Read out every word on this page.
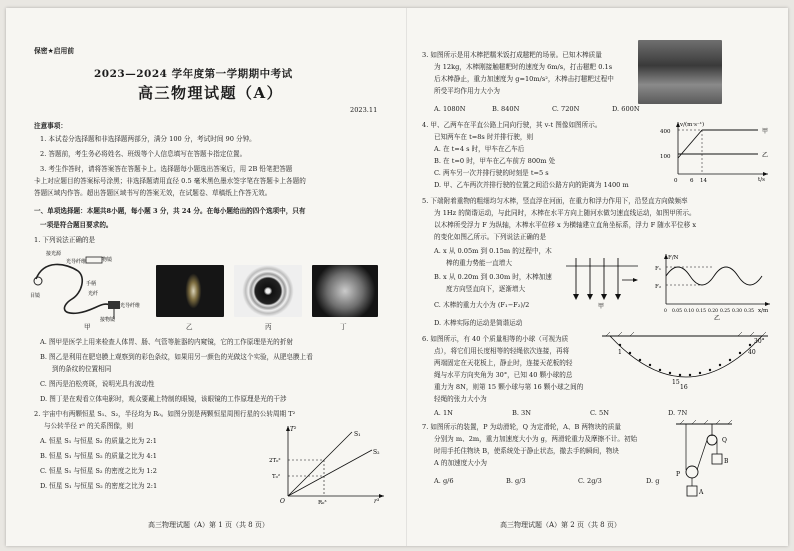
保密★启用前
2023—2024 学年度第一学期期中考试
高三物理试题（A）
2023.11
注意事项：
1. 本试卷分选择题和非选择题两部分，满分 100 分，考试时间 90 分钟。
2. 答题前，考生务必将姓名、班级等个人信息填写在答题卡指定位置。
3. 考生作答时，请将答案答在答题卡上。选择题每小题选出答案后，用 2B 铅笔把答题
卡上对应题目的答案标号涂黑；非选择题请用直径 0.5 毫米黑色墨水签字笔在答题卡上各题的
答题区域内作答。超出答题区域书写的答案无效，在试题卷、草稿纸上作答无效。
一、单项选择题：本题共8小题，每小题 3 分，共 24 分。在每小题给出的四个选项中，只有
一项是符合题目要求的。
1. 下列说法正确的是
接光源
光导纤维	物镜
目镜
手柄
光纤
光导纤维
接物镜
甲	乙	丙	丁
A. 图甲是医学上用来检查人体胃、肠、气管等脏器的内窥镜，它的工作原理是光的折射
B. 图乙是利用在肥皂膜上观察到的彩色条纹，如果用另一颜色的光做这个实验，从肥皂膜上看
到的条纹的位置相同
C. 图丙是泊松亮斑，说明光具有波动性
D. 图丁是在观看立体电影时，观众要戴上特制的眼镜，该眼镜的工作原理是光的干涉
2. 宇宙中有两颗恒星 S₁、S₂，半径均为 R₀。如图分别是两颗恒星周围行星的公转周期 T²
与公转半径 r³ 的关系图像，则
A. 恒星 S₁ 与恒星 S₂ 的质量之比为 2:1
B. 恒星 S₁ 与恒星 S₂ 的质量之比为 4:1
C. 恒星 S₁ 与恒星 S₂ 的密度之比为 1:2
D. 恒星 S₁ 与恒星 S₂ 的密度之比为 2:1
T²
r³
O
2T₀²
T₀²
R₀³
S₁
S₂
高三物理试题（A）第 1 页（共 8 页）
3. 如图所示是用木棒把糯米饭打成糍粑的场景。已知木棒质量
为 12kg，木棒刚接触糍粑时的速度为 6m/s，打击糍粑 0.1s
后木棒静止，重力加速度为 g=10m/s²，木棒击打糍粑过程中
所受平均作用力大小为
A. 1080N	B. 840N	C. 720N	D. 600N
4. 甲、乙两车在平直公路上同向行驶，其 v-t 图像如图所示。
已知两车在 t=8s 时并排行驶，则
A. 在 t=4 s 时，甲车在乙车后
B. 在 t=0 时，甲车在乙车前方 800m 处
C. 两车另一次并排行驶的时刻是 t=5 s
D. 甲、乙车两次并排行驶的位置之间沿公路方向的距离为 1400 m
v/(m·s⁻¹)
t/s
400
100
0 6 14
甲
乙
5. 下端附着重物的粗细均匀木棒，竖直浮在河面，在重力和浮力作用下，沿竖直方向做频率
为 1Hz 的简谐运动，与此同时，木棒在水平方向上随河水做匀速直线运动，如图甲所示。
以木棒所受浮力 F 为纵轴，木棒水平位移 x 为横轴建立直角坐标系，浮力 F 随水平位移 x
的变化如图乙所示。下列说法正确的是
A. x 从 0.05m 到 0.15m 的过程中，木
棒的重力势能一直增大
B. x 从 0.20m 到 0.30m 时，木棒加速
度方向竖直向下，逐渐增大
C. 木棒的重力大小为 (F₁−F₂)/2
D. 木棒实际的运动是简谐运动
甲
F/N
x/m
F₁
F₂
0 0.05 0.10 0.15 0.20 0.25 0.30 0.35
乙
6. 如图所示，有 40 个质量相等的小球（可视为质
点），将它们用长度相等的轻绳依次连接，再将
两端固定在天花板上，静止时，连接天花板的轻
绳与水平方向夹角为 30°，已知 40 颗小球的总
重力为 8N，则第 15 颗小球与第 16 颗小球之间的
轻绳的张力大小为
A. 1N	B. 3N	C. 5N	D. 7N
30°
1	40
15
16
7. 如图所示的装置，P 为动滑轮，Q 为定滑轮，A、B 两物块的质量
分别为 m、2m，重力加速度大小为 g，两滑轮重力及摩擦不计。初始
时用手托住物块 B，使系统处于静止状态，撤去手的瞬间，物块
A 的加速度大小为
A. g/6	B. g/3	C. 2g/3	D. g
Q
P
B
A
高三物理试题（A）第 2 页（共 8 页）
